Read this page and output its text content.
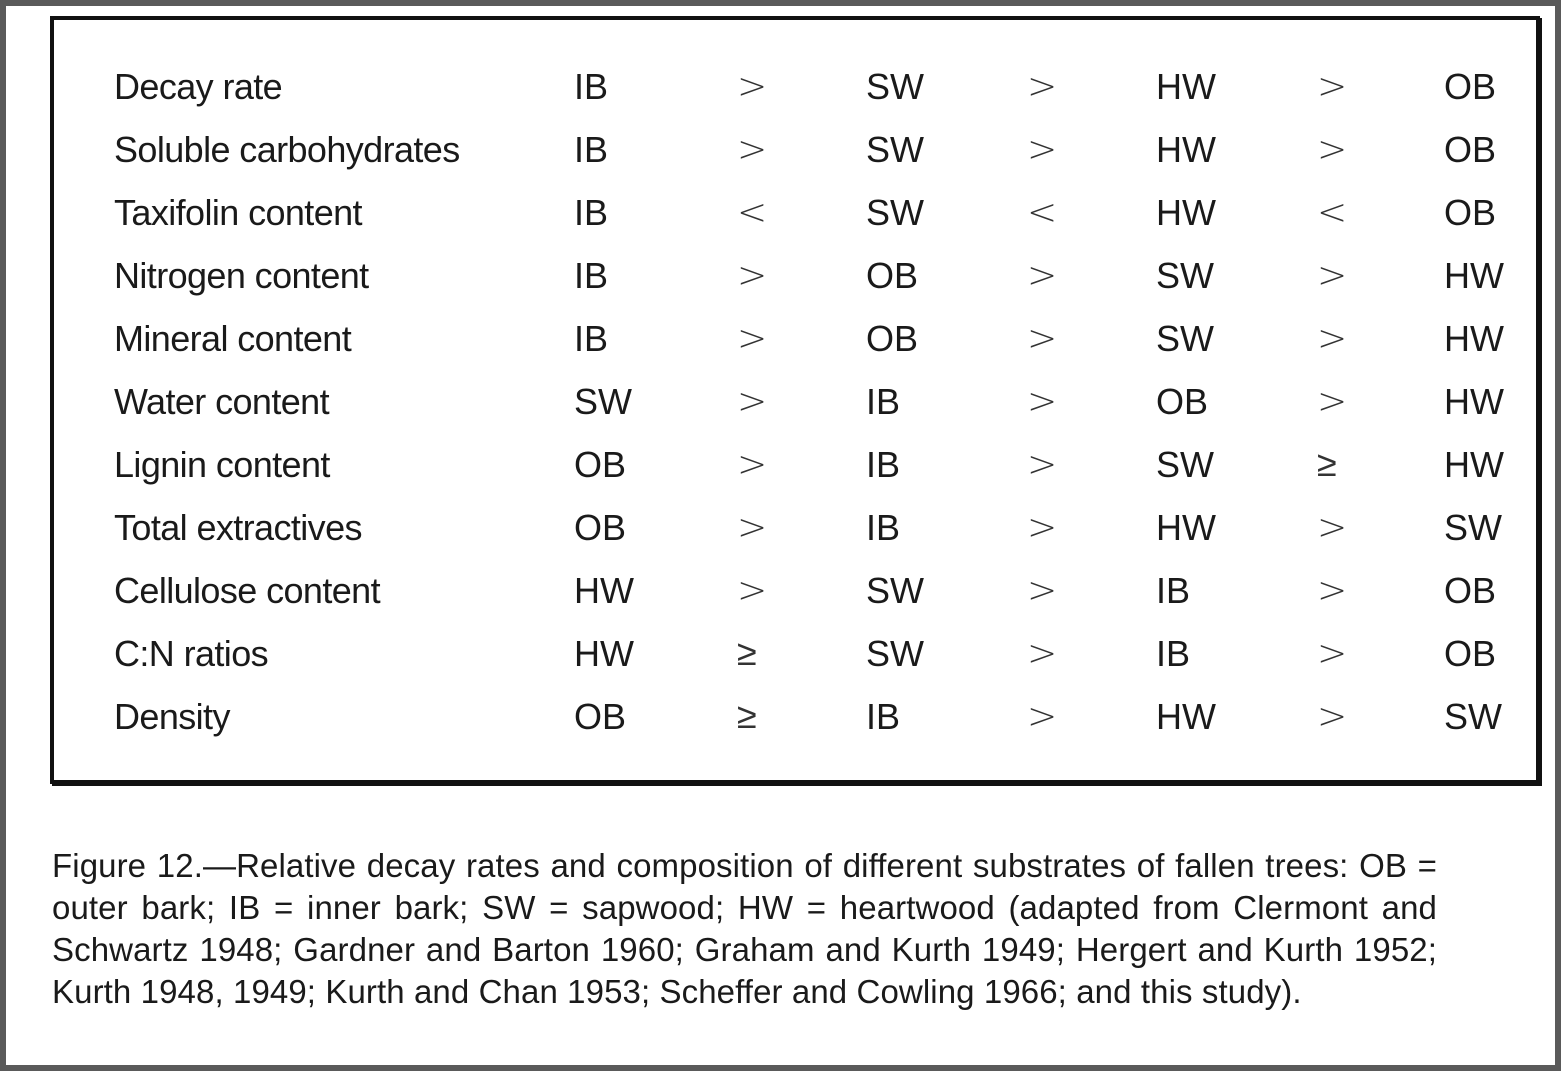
Decay rate	IB	>	SW	>	HW	>	OB
Soluble carbohydrates	IB	>	SW	>	HW	>	OB
Taxifolin content	IB	<	SW	<	HW	<	OB
Nitrogen content	IB	>	OB	>	SW	>	HW
Mineral content	IB	>	OB	>	SW	>	HW
Water content	SW	>	IB	>	OB	>	HW
Lignin content	OB	>	IB	>	SW	≥	HW
Total extractives	OB	>	IB	>	HW	>	SW
Cellulose content	HW	>	SW	>	IB	>	OB
C:N ratios	HW	≥	SW	>	IB	>	OB
Density	OB	≥	IB	>	HW	>	SW

Figure 12.—Relative decay rates and composition of different substrates of fallen trees: OB = outer bark; IB = inner bark; SW = sapwood; HW = heartwood (adapted from Clermont and Schwartz 1948; Gardner and Barton 1960; Graham and Kurth 1949; Hergert and Kurth 1952; Kurth 1948, 1949; Kurth and Chan 1953; Scheffer and Cowling 1966; and this study).
